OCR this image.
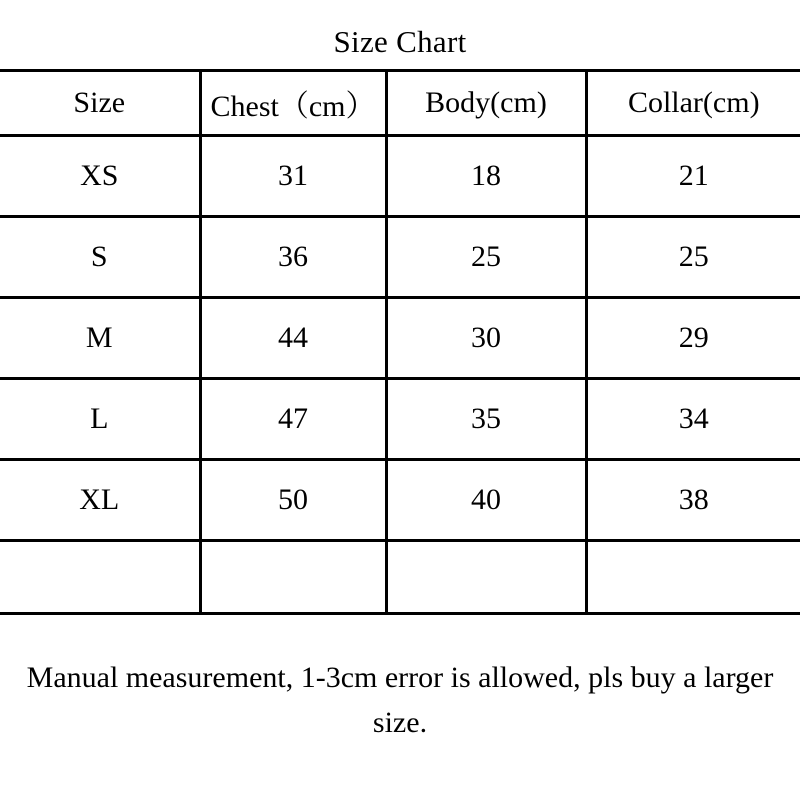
Size Chart
Size	Chest（cm）	Body(cm)	Collar(cm)
XS	31	18	21
S	36	25	25
M	44	30	29
L	47	35	34
XL	50	40	38

Manual measurement, 1-3cm error is allowed, pls buy a larger size.			
